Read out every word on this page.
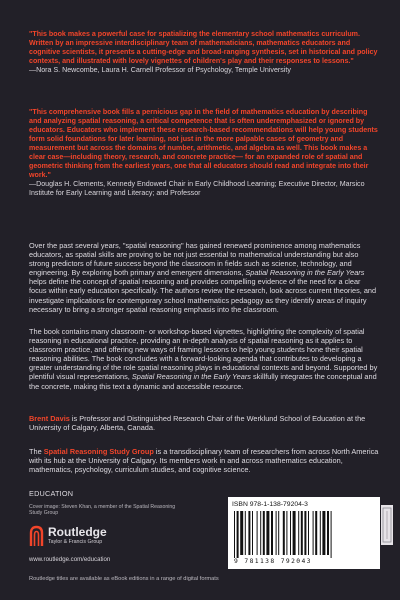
"This book makes a powerful case for spatializing the elementary school mathematics curriculum. Written by an impressive interdisciplinary team of mathematicians, mathematics educators and cognitive scientists, it presents a cutting-edge and broad-ranging synthesis, set in historical and policy contexts, and illustrated with lovely vignettes of children's play and their responses to lessons."
—Nora S. Newcombe, Laura H. Carnell Professor of Psychology, Temple University
"This comprehensive book fills a pernicious gap in the field of mathematics education by describing and analyzing spatial reasoning, a critical competence that is often underemphasized or ignored by educators. Educators who implement these research-based recommendations will help young students form solid foundations for later learning, not just in the more palpable cases of geometry and measurement but across the domains of number, arithmetic, and algebra as well. This book makes a clear case—including theory, research, and concrete practice— for an expanded role of spatial and geometric thinking from the earliest years, one that all educators should read and integrate into their work."
—Douglas H. Clements, Kennedy Endowed Chair in Early Childhood Learning; Executive Director, Marsico Institute for Early Learning and Literacy; and Professor
Over the past several years, "spatial reasoning" has gained renewed prominence among mathematics educators, as spatial skills are proving to be not just essential to mathematical understanding but also strong predictors of future success beyond the classroom in fields such as science, technology, and engineering. By exploring both primary and emergent dimensions, Spatial Reasoning in the Early Years helps define the concept of spatial reasoning and provides compelling evidence of the need for a clear focus within early education specifically. The authors review the research, look across current theories, and investigate implications for contemporary school mathematics pedagogy as they identify areas of inquiry necessary to bring a stronger spatial reasoning emphasis into the classroom.
The book contains many classroom- or workshop-based vignettes, highlighting the complexity of spatial reasoning in educational practice, providing an in-depth analysis of spatial reasoning as it applies to classroom practice, and offering new ways of framing lessons to help young students hone their spatial reasoning abilities. The book concludes with a forward-looking agenda that contributes to developing a greater understanding of the role spatial reasoning plays in educational contexts and beyond. Supported by plentiful visual representations, Spatial Reasoning in the Early Years skillfully integrates the conceptual and the concrete, making this text a dynamic and accessible resource.
Brent Davis is Professor and Distinguished Research Chair of the Werklund School of Education at the University of Calgary, Alberta, Canada.
The Spatial Reasoning Study Group is a transdisciplinary team of researchers from across North America with its hub at the University of Calgary. Its members work in and across mathematics education, mathematics, psychology, curriculum studies, and cognitive science.
EDUCATION
Cover image: Steven Khan, a member of the Spatial Reasoning Study Group
Routledge
Taylor & Francis Group
www.routledge.com/education
Routledge titles are available as eBook editions in a range of digital formats
ISBN 978-1-138-79204-3
9 781138 792043
